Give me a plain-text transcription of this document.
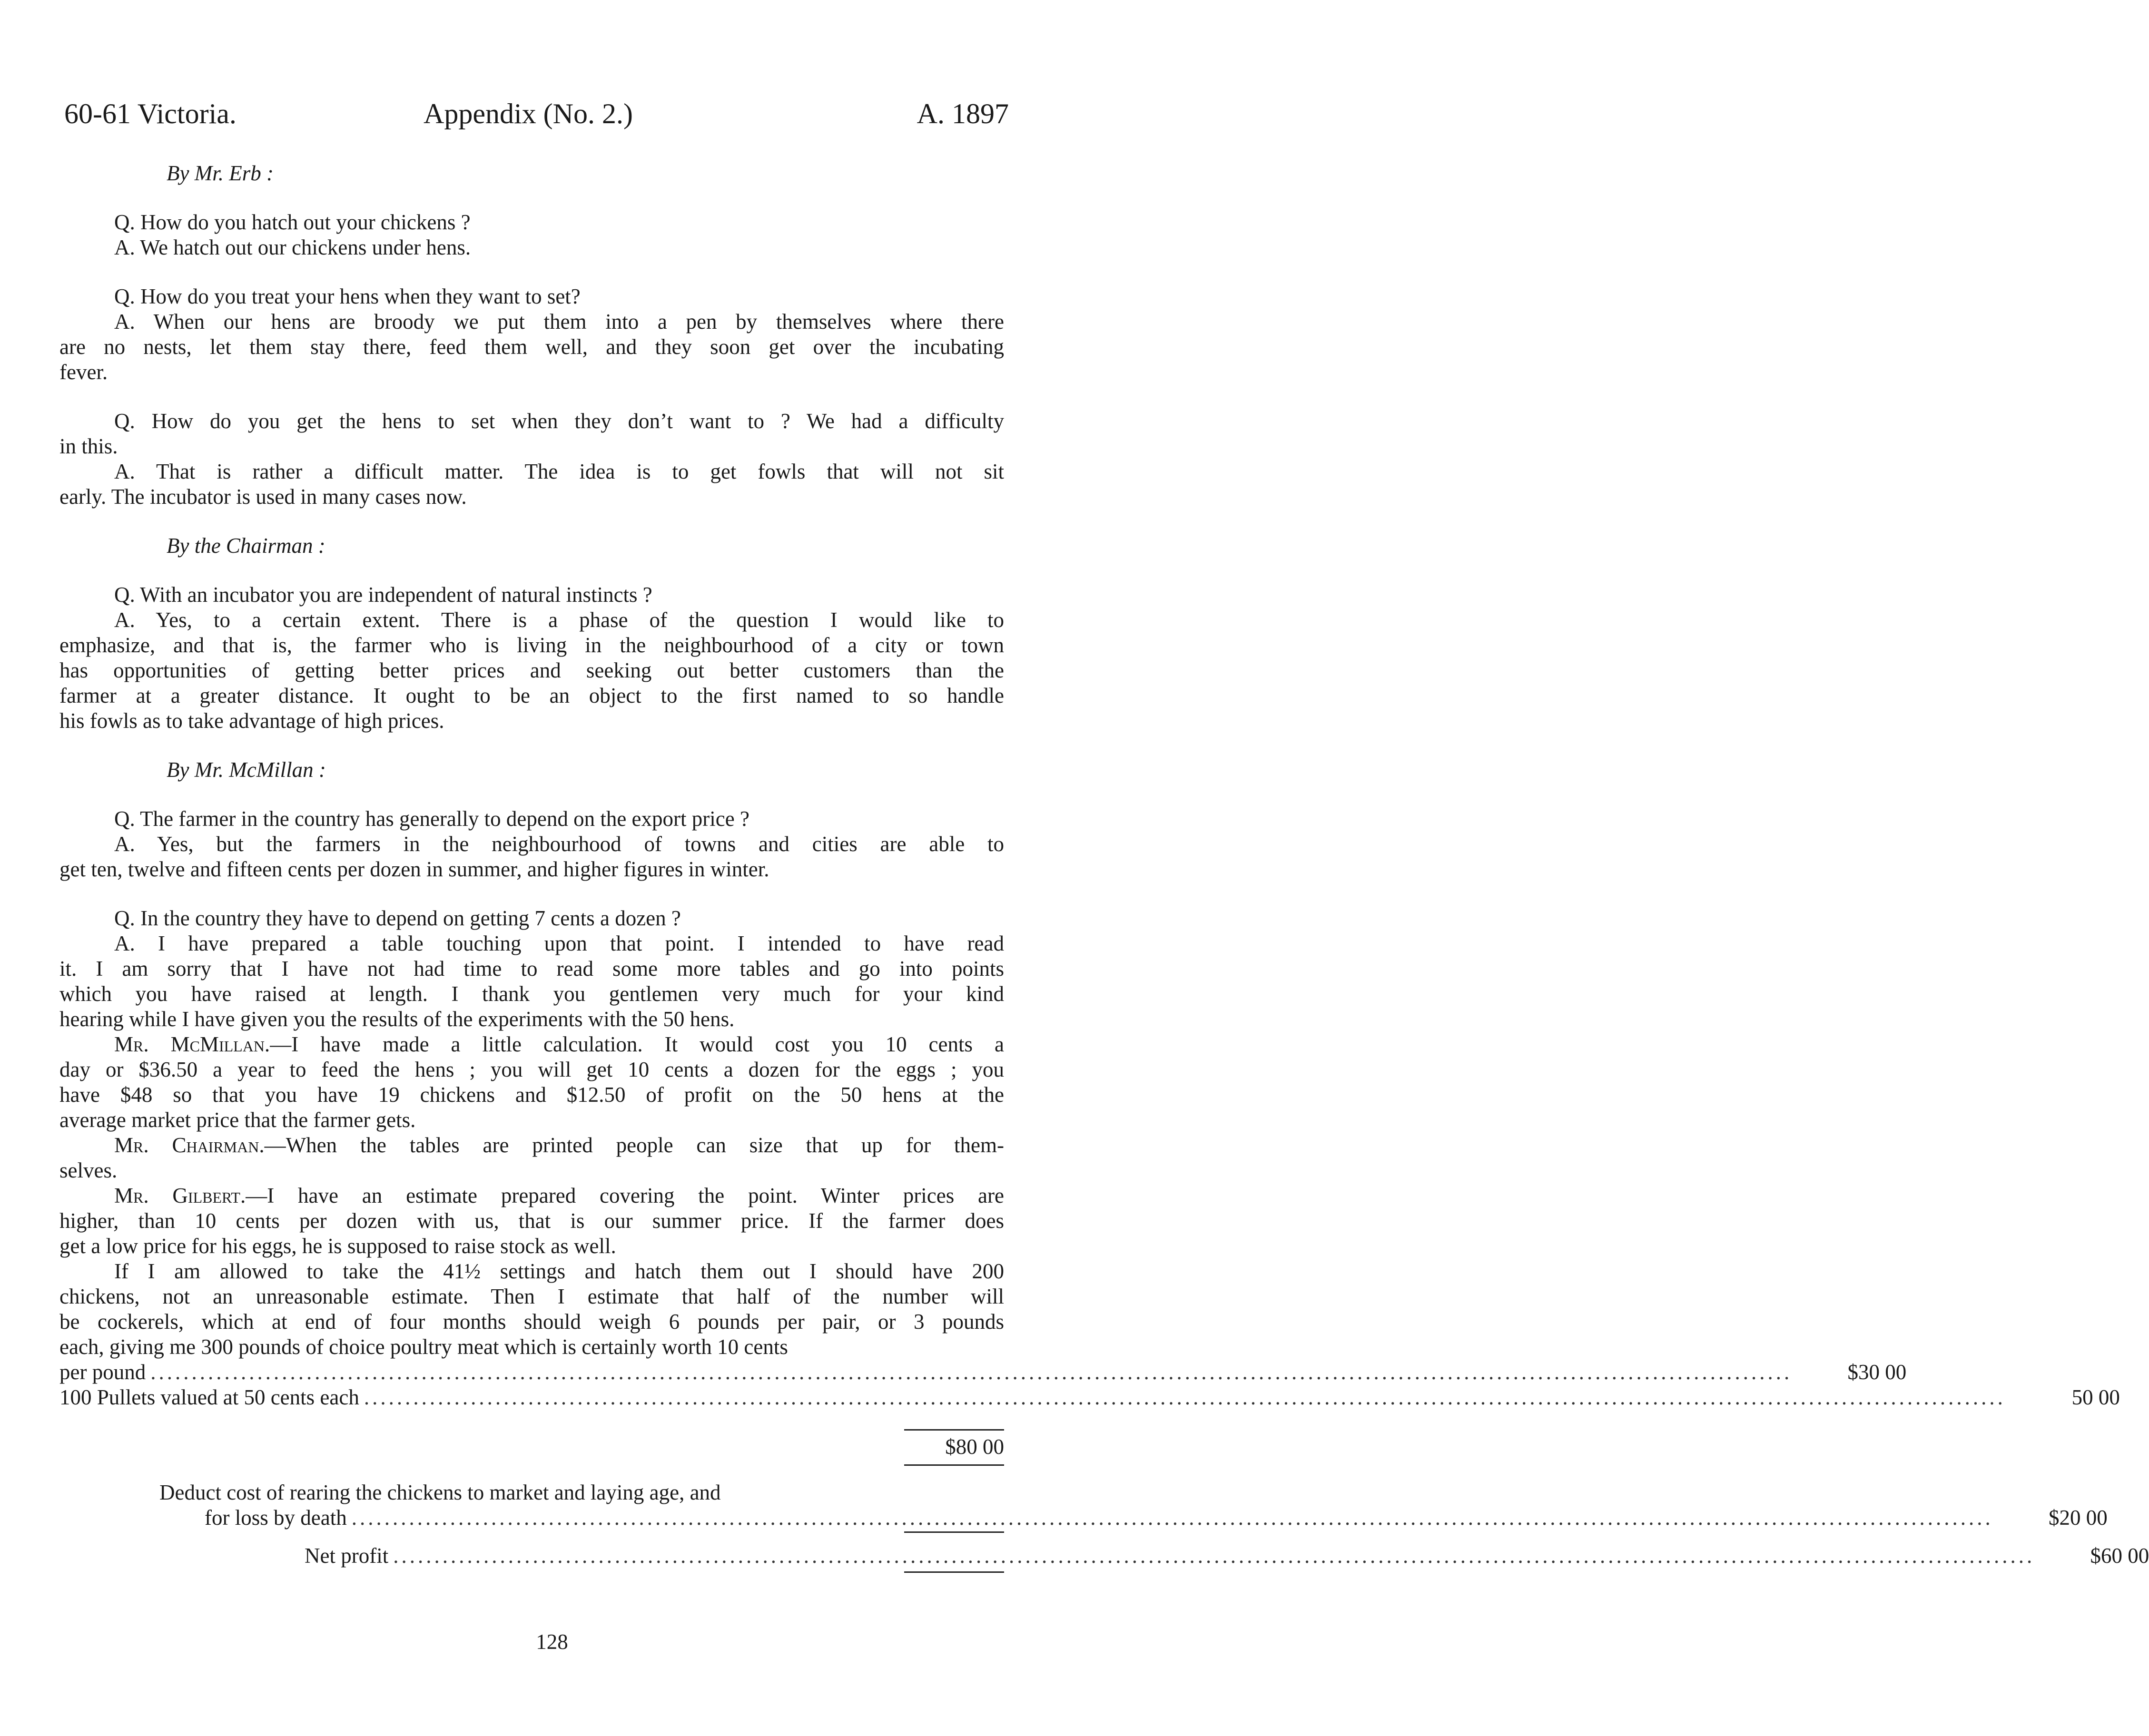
60-61 Victoria.	Appendix (No. 2.)	A. 1897

By Mr. Erb :

Q. How do you hatch out your chickens ?

A. We hatch out our chickens under hens.

Q. How do you treat your hens when they want to set?

A. When our hens are broody we put them into a pen by themselves where there

are no nests, let them stay there, feed them well, and they soon get over the incubating

fever.

Q. How do you get the hens to set when they don’t want to ? We had a difficulty

in this.

A. That is rather a difficult matter. The idea is to get fowls that will not sit

early. The incubator is used in many cases now.

By the Chairman :

Q. With an incubator you are independent of natural instincts ?

A. Yes, to a certain extent. There is a phase of the question I would like to

emphasize, and that is, the farmer who is living in the neighbourhood of a city or town

has opportunities of getting better prices and seeking out better customers than the

farmer at a greater distance. It ought to be an object to the first named to so handle

his fowls as to take advantage of high prices.

By Mr. McMillan :

Q. The farmer in the country has generally to depend on the export price ?

A. Yes, but the farmers in the neighbourhood of towns and cities are able to

get ten, twelve and fifteen cents per dozen in summer, and higher figures in winter.

Q. In the country they have to depend on getting 7 cents a dozen ?

A. I have prepared a table touching upon that point. I intended to have read

it. I am sorry that I have not had time to read some more tables and go into points

which you have raised at length. I thank you gentlemen very much for your kind

hearing while I have given you the results of the experiments with the 50 hens.

Mr. McMillan.—I have made a little calculation. It would cost you 10 cents a

day or $36.50 a year to feed the hens ; you will get 10 cents a dozen for the eggs ; you

have $48 so that you have 19 chickens and $12.50 of profit on the 50 hens at the

average market price that the farmer gets.

Mr. Chairman.—When the tables are printed people can size that up for them-

selves.

Mr. Gilbert.—I have an estimate prepared covering the point. Winter prices are

higher, than 10 cents per dozen with us, that is our summer price. If the farmer does

get a low price for his eggs, he is supposed to raise stock as well.

If I am allowed to take the 41½ settings and hatch them out I should have 200

chickens, not an unreasonable estimate. Then I estimate that half of the number will

be cockerels, which at end of four months should weigh 6 pounds per pair, or 3 pounds

each, giving me 300 pounds of choice poultry meat which is certainly worth 10 cents

per pound ........................................................................................................................................................................................................	$30 00
100 Pullets valued at 50 cents each ........................................................................................................................................................................................................	50 00
$80 00

Deduct cost of rearing the chickens to market and laying age, and

for loss by death ........................................................................................................................................................................................................	$20 00
Net profit ........................................................................................................................................................................................................	$60 00
128
